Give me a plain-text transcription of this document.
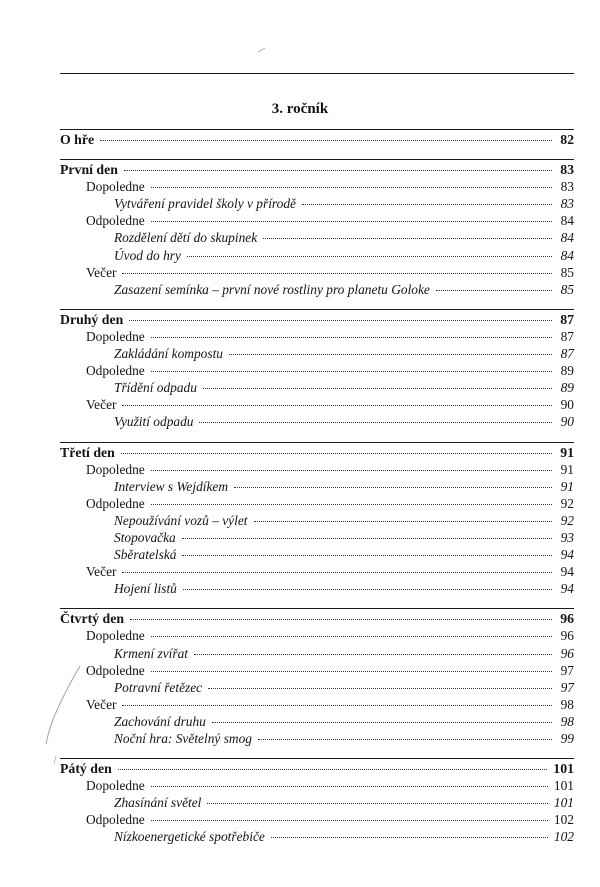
3. ročník
O hře	82
První den	83
Dopoledne	83
Vytváření pravidel školy v přírodě	83
Odpoledne	84
Rozdělení dětí do skupinek	84
Úvod do hry	84
Večer	85
Zasazení semínka – první nové rostliny pro planetu Goloke	85
Druhý den	87
Dopoledne	87
Zakládání kompostu	87
Odpoledne	89
Třídění odpadu	89
Večer	90
Využití odpadu	90
Třetí den	91
Dopoledne	91
Interview s Wejdíkem	91
Odpoledne	92
Nepoužívání vozů – výlet	92
Stopovačka	93
Sběratelská	94
Večer	94
Hojení listů	94
Čtvrtý den	96
Dopoledne	96
Krmení zvířat	96
Odpoledne	97
Potravní řetězec	97
Večer	98
Zachování druhu	98
Noční hra: Světelný smog	99
Pátý den	101
Dopoledne	101
Zhasínání světel	101
Odpoledne	102
Nízkoenergetické spotřebiče	102
